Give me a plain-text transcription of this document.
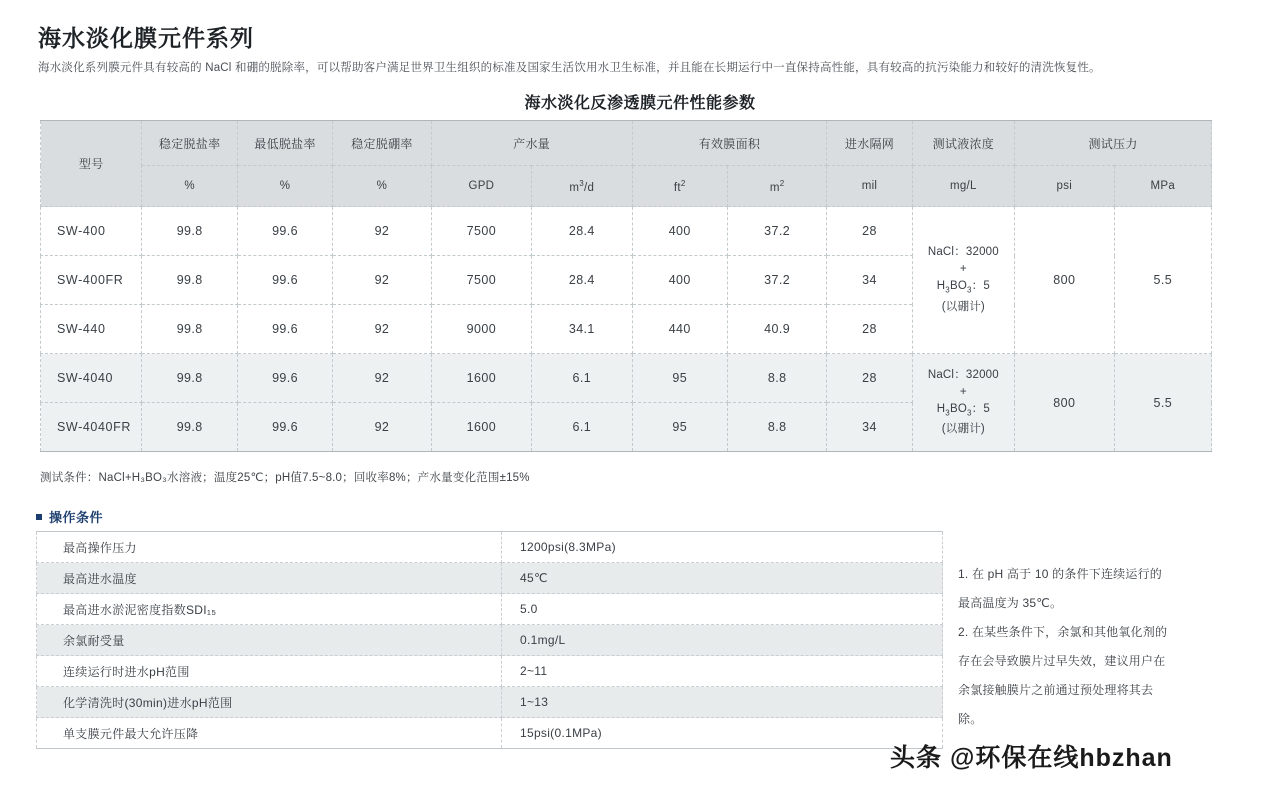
海水淡化膜元件系列
海水淡化系列膜元件具有较高的 NaCl 和硼的脱除率，可以帮助客户满足世界卫生组织的标准及国家生活饮用水卫生标准，并且能在长期运行中一直保持高性能，具有较高的抗污染能力和较好的清洗恢复性。
海水淡化反渗透膜元件性能参数
型号	稳定脱盐率	最低脱盐率	稳定脱硼率	产水量		有效膜面积		进水隔网	测试液浓度	测试压力	
	%	%	%	GPD	$m^3/d$	$ft^2$	$m^2$	mil	mg/L	psi	MPa
SW-400	99.8	99.6	92	7500	28.4	400	37.2	28	NaCl：32000
+
$H_3BO_3$：5
(以硼计)	800	5.5
SW-400FR	99.8	99.6	92	7500	28.4	400	37.2	34			
SW-440	99.8	99.6	92	9000	34.1	440	40.9	28			
SW-4040	99.8	99.6	92	1600	6.1	95	8.8	28	NaCl：32000
+
$H_3BO_3$：5
(以硼计)	800	5.5
SW-4040FR	99.8	99.6	92	1600	6.1	95	8.8	34			
测试条件：NaCl+H₃BO₃水溶液；温度25℃；pH值7.5~8.0；回收率8%；产水量变化范围±15%
操作条件
最高操作压力	1200psi(8.3MPa)
最高进水温度	45℃
最高进水淤泥密度指数SDI₁₅	5.0
余氯耐受量	0.1mg/L
连续运行时进水pH范围	2~11
化学清洗时(30min)进水pH范围	1~13
单支膜元件最大允许压降	15psi(0.1MPa)

1. 在 pH 高于 10 的条件下连续运行的

最高温度为 35℃。

2. 在某些条件下，余氯和其他氧化剂的

存在会导致膜片过早失效，建议用户在

余氯接触膜片之前通过预处理将其去

除。

头条 @环保在线hbzhan
